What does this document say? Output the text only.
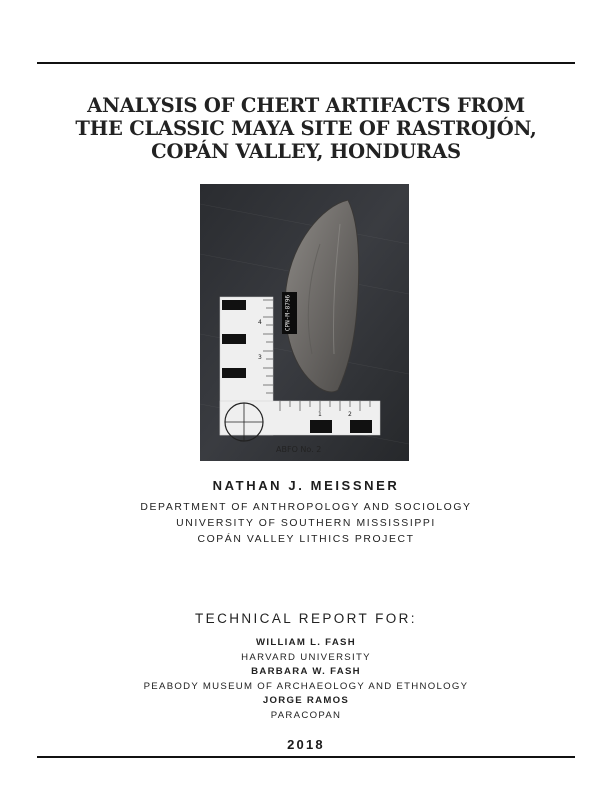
ANALYSIS OF CHERT ARTIFACTS FROM
THE CLASSIC MAYA SITE OF RASTROJÓN,
COPÁN VALLEY, HONDURAS
CPN-M-8796
4
3
1	2
ABFO No. 2
NATHAN J. MEISSNER
DEPARTMENT OF ANTHROPOLOGY AND SOCIOLOGY
UNIVERSITY OF SOUTHERN MISSISSIPPI
COPÁN VALLEY LITHICS PROJECT
TECHNICAL REPORT FOR:
WILLIAM L. FASH
HARVARD UNIVERSITY
BARBARA W. FASH
PEABODY MUSEUM OF ARCHAEOLOGY AND ETHNOLOGY
JORGE RAMOS
PARACOPAN
2018
